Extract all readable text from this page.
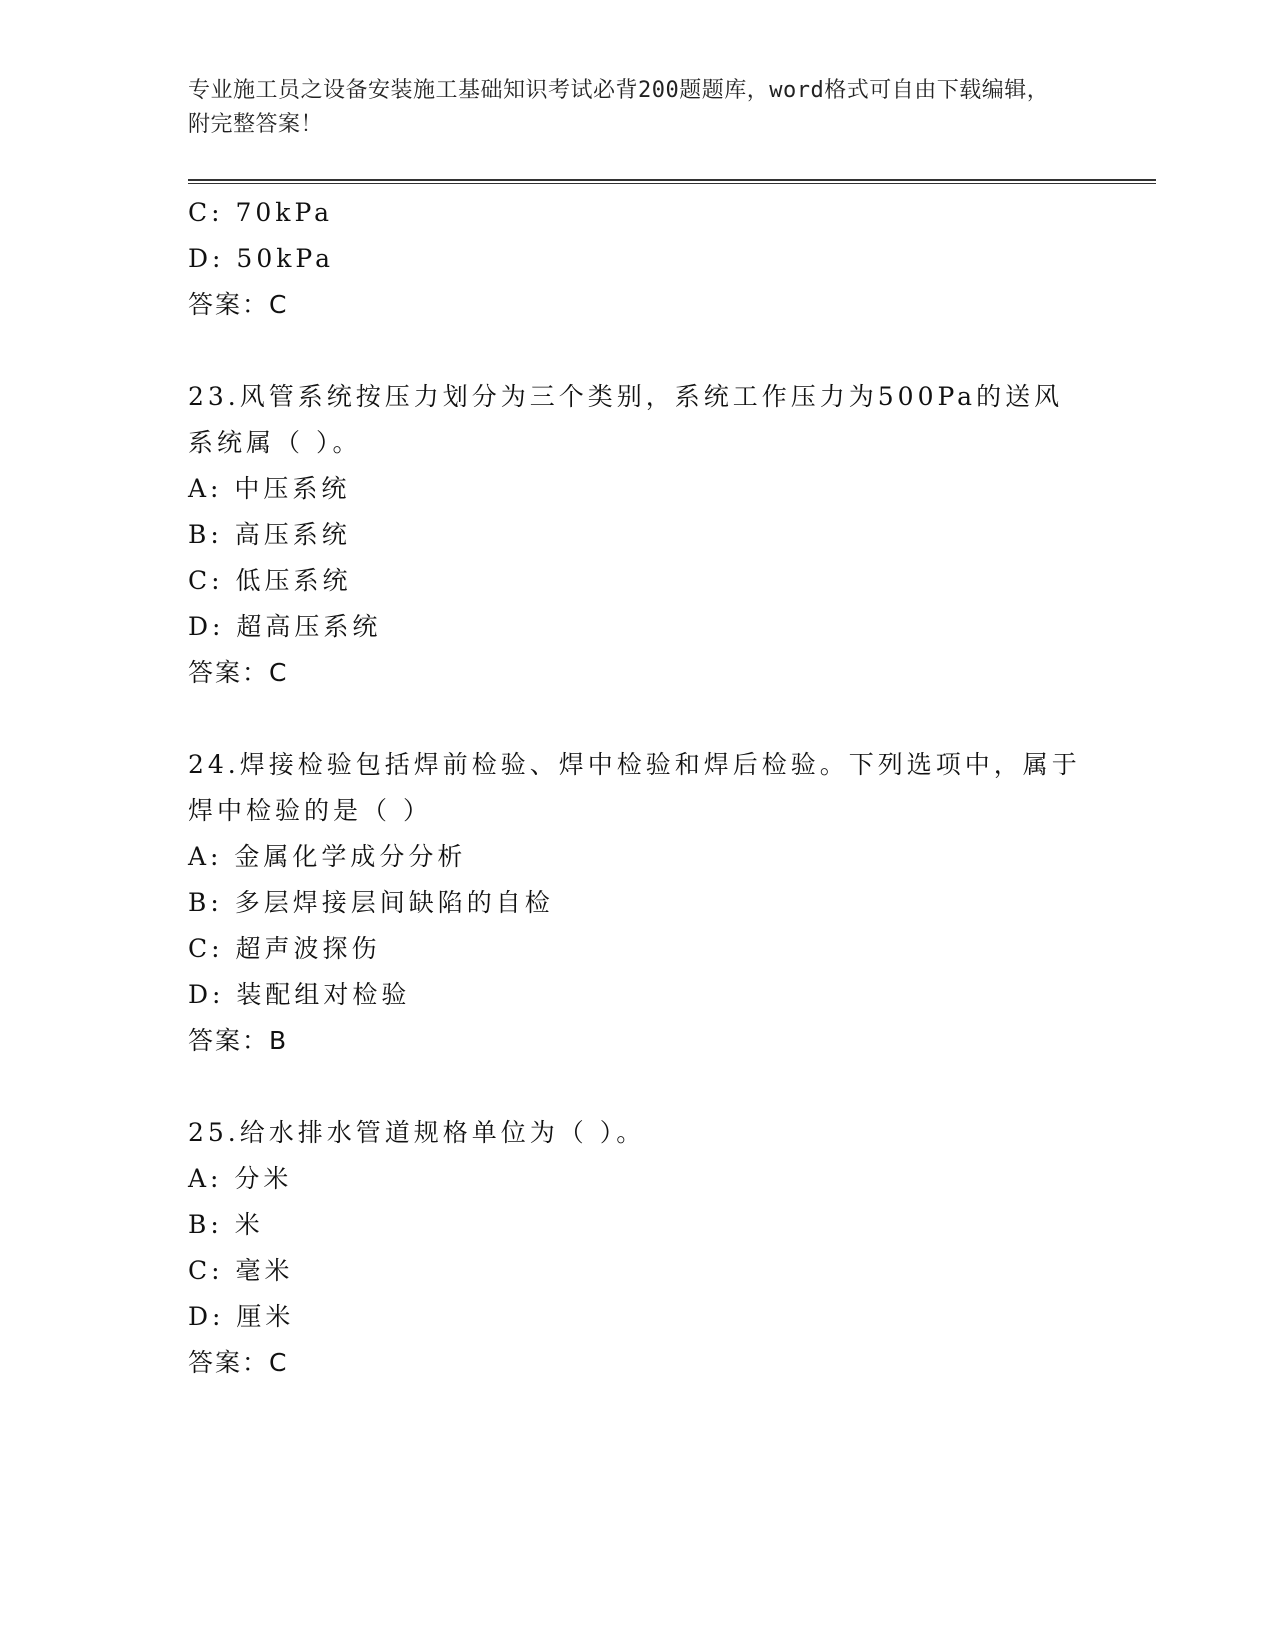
专业施工员之设备安装施工基础知识考试必背200题题库，word格式可自由下载编辑，附完整答案！
C: 70kPa
D: 50kPa
答案：C
23.风管系统按压力划分为三个类别，系统工作压力为500Pa的送风系统属（ ）。
A: 中压系统
B: 高压系统
C: 低压系统
D: 超高压系统
答案：C
24.焊接检验包括焊前检验、焊中检验和焊后检验。下列选项中，属于焊中检验的是（ ）
A: 金属化学成分分析
B: 多层焊接层间缺陷的自检
C: 超声波探伤
D: 装配组对检验
答案：B
25.给水排水管道规格单位为（ ）。
A: 分米
B: 米
C: 毫米
D: 厘米
答案：C
